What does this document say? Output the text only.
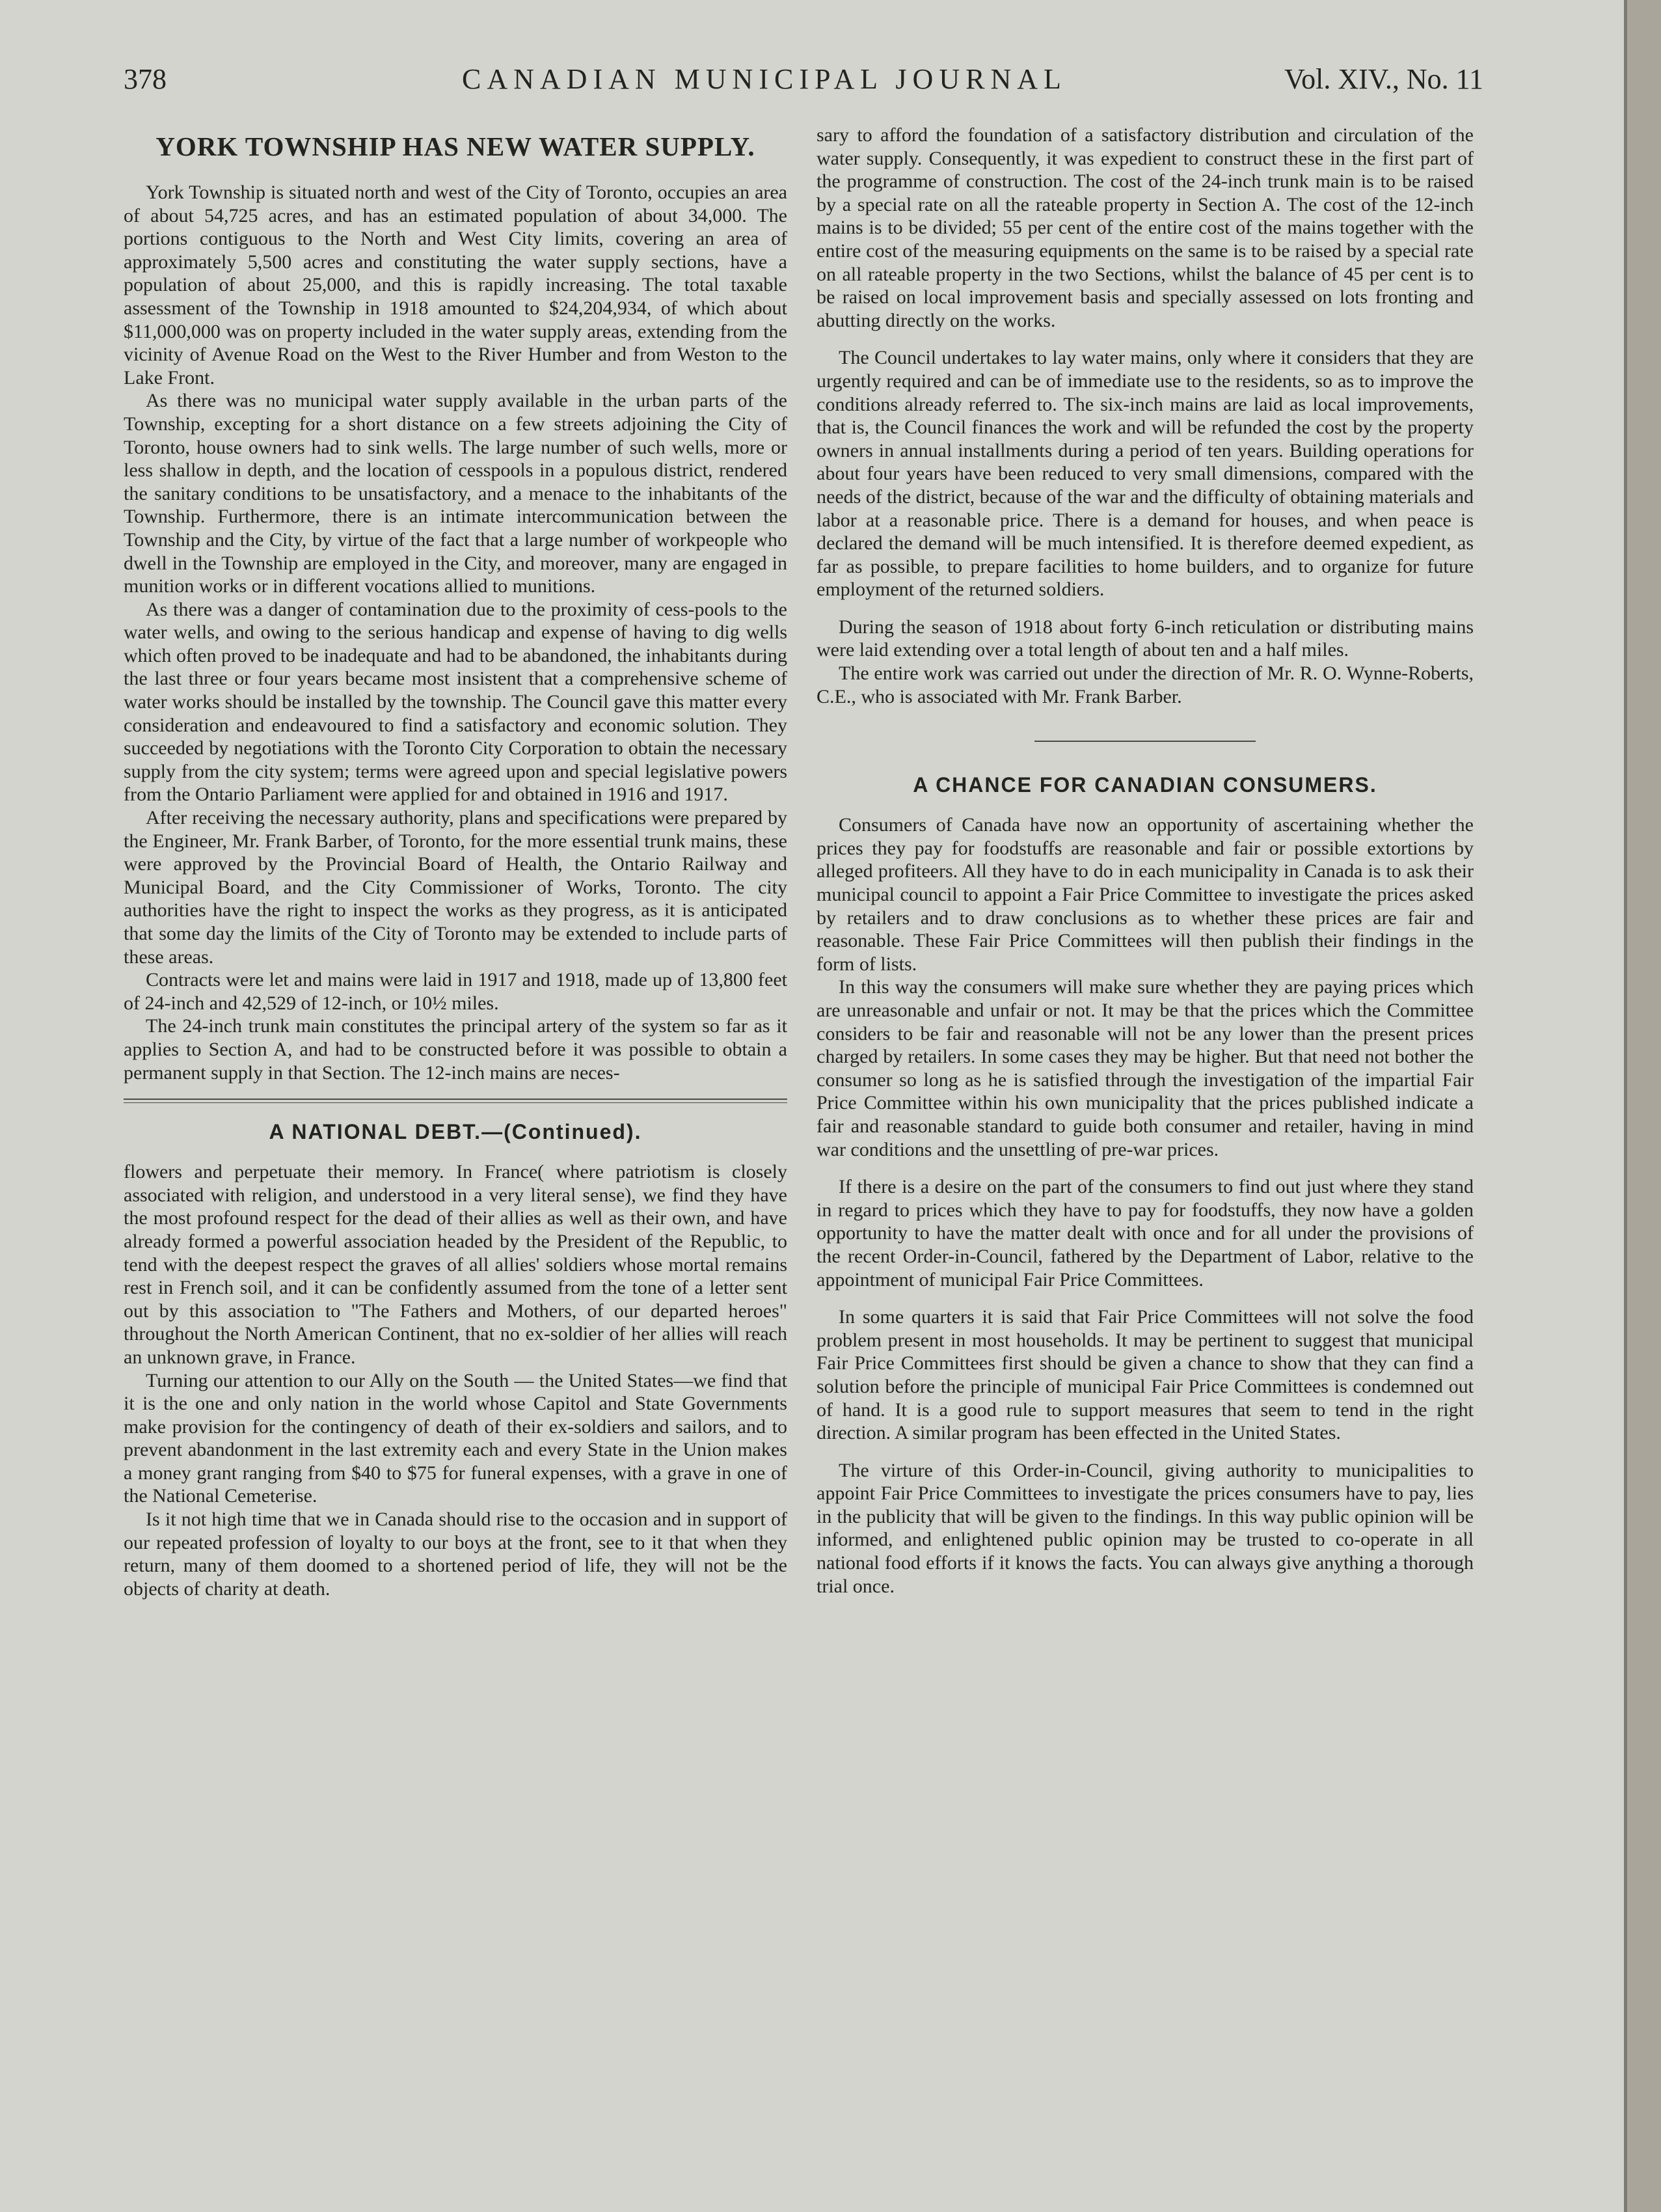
378	CANADIAN MUNICIPAL JOURNAL	Vol. XIV., No. 11
YORK TOWNSHIP HAS NEW WATER SUPPLY.

York Township is situated north and west of the City of Toronto, occupies an area of about 54,725 acres, and has an estimated population of about 34,000. The portions contiguous to the North and West City limits, covering an area of approximately 5,500 acres and constituting the water supply sections, have a population of about 25,000, and this is rapidly increasing. The total taxable assessment of the Township in 1918 amounted to $24,204,934, of which about $11,000,000 was on property included in the water supply areas, extending from the vicinity of Avenue Road on the West to the River Humber and from Weston to the Lake Front.

As there was no municipal water supply available in the urban parts of the Township, excepting for a short distance on a few streets adjoining the City of Toronto, house owners had to sink wells. The large number of such wells, more or less shallow in depth, and the location of cesspools in a populous district, rendered the sanitary conditions to be unsatisfactory, and a menace to the inhabitants of the Township. Furthermore, there is an intimate intercommunication between the Township and the City, by virtue of the fact that a large number of workpeople who dwell in the Township are employed in the City, and moreover, many are engaged in munition works or in different vocations allied to munitions.

As there was a danger of contamination due to the proximity of cess-pools to the water wells, and owing to the serious handicap and expense of having to dig wells which often proved to be inadequate and had to be abandoned, the inhabitants during the last three or four years became most insistent that a comprehensive scheme of water works should be installed by the township. The Council gave this matter every consideration and endeavoured to find a satisfactory and economic solution. They succeeded by negotiations with the Toronto City Corporation to obtain the necessary supply from the city system; terms were agreed upon and special legislative powers from the Ontario Parliament were applied for and obtained in 1916 and 1917.

After receiving the necessary authority, plans and specifications were prepared by the Engineer, Mr. Frank Barber, of Toronto, for the more essential trunk mains, these were approved by the Provincial Board of Health, the Ontario Railway and Municipal Board, and the City Commissioner of Works, Toronto. The city authorities have the right to inspect the works as they progress, as it is anticipated that some day the limits of the City of Toronto may be extended to include parts of these areas.

Contracts were let and mains were laid in 1917 and 1918, made up of 13,800 feet of 24-inch and 42,529 of 12-inch, or 10½ miles.

The 24-inch trunk main constitutes the principal artery of the system so far as it applies to Section A, and had to be constructed before it was possible to obtain a permanent supply in that Section. The 12-inch mains are neces-

A NATIONAL DEBT.—(Continued).

flowers and perpetuate their memory. In France( where patriotism is closely associated with religion, and understood in a very literal sense), we find they have the most profound respect for the dead of their allies as well as their own, and have already formed a powerful association headed by the President of the Republic, to tend with the deepest respect the graves of all allies' soldiers whose mortal remains rest in French soil, and it can be confidently assumed from the tone of a letter sent out by this association to "The Fathers and Mothers, of our departed heroes" throughout the North American Continent, that no ex-soldier of her allies will reach an unknown grave, in France.

Turning our attention to our Ally on the South — the United States—we find that it is the one and only nation in the world whose Capitol and State Governments make provision for the contingency of death of their ex-soldiers and sailors, and to prevent abandonment in the last extremity each and every State in the Union makes a money grant ranging from $40 to $75 for funeral expenses, with a grave in one of the National Cemeterise.

Is it not high time that we in Canada should rise to the occasion and in support of our repeated profession of loyalty to our boys at the front, see to it that when they return, many of them doomed to a shortened period of life, they will not be the objects of charity at death.

sary to afford the foundation of a satisfactory distribution and circulation of the water supply. Consequently, it was expedient to construct these in the first part of the programme of construction. The cost of the 24-inch trunk main is to be raised by a special rate on all the rateable property in Section A. The cost of the 12-inch mains is to be divided; 55 per cent of the entire cost of the mains together with the entire cost of the measuring equipments on the same is to be raised by a special rate on all rateable property in the two Sections, whilst the balance of 45 per cent is to be raised on local improvement basis and specially assessed on lots fronting and abutting directly on the works.

The Council undertakes to lay water mains, only where it considers that they are urgently required and can be of immediate use to the residents, so as to improve the conditions already referred to. The six-inch mains are laid as local improvements, that is, the Council finances the work and will be refunded the cost by the property owners in annual installments during a period of ten years. Building operations for about four years have been reduced to very small dimensions, compared with the needs of the district, because of the war and the difficulty of obtaining materials and labor at a reasonable price. There is a demand for houses, and when peace is declared the demand will be much intensified. It is therefore deemed expedient, as far as possible, to prepare facilities to home builders, and to organize for future employment of the returned soldiers.

During the season of 1918 about forty 6-inch reticulation or distributing mains were laid extending over a total length of about ten and a half miles.

The entire work was carried out under the direction of Mr. R. O. Wynne-Roberts, C.E., who is associated with Mr. Frank Barber.

A CHANCE FOR CANADIAN CONSUMERS.

Consumers of Canada have now an opportunity of ascertaining whether the prices they pay for foodstuffs are reasonable and fair or possible extortions by alleged profiteers. All they have to do in each municipality in Canada is to ask their municipal council to appoint a Fair Price Committee to investigate the prices asked by retailers and to draw conclusions as to whether these prices are fair and reasonable. These Fair Price Committees will then publish their findings in the form of lists.

In this way the consumers will make sure whether they are paying prices which are unreasonable and unfair or not. It may be that the prices which the Committee considers to be fair and reasonable will not be any lower than the present prices charged by retailers. In some cases they may be higher. But that need not bother the consumer so long as he is satisfied through the investigation of the impartial Fair Price Committee within his own municipality that the prices published indicate a fair and reasonable standard to guide both consumer and retailer, having in mind war conditions and the unsettling of pre-war prices.

If there is a desire on the part of the consumers to find out just where they stand in regard to prices which they have to pay for foodstuffs, they now have a golden opportunity to have the matter dealt with once and for all under the provisions of the recent Order-in-Council, fathered by the Department of Labor, relative to the appointment of municipal Fair Price Committees.

In some quarters it is said that Fair Price Committees will not solve the food problem present in most households. It may be pertinent to suggest that municipal Fair Price Committees first should be given a chance to show that they can find a solution before the principle of municipal Fair Price Committees is condemned out of hand. It is a good rule to support measures that seem to tend in the right direction. A similar program has been effected in the United States.

The virture of this Order-in-Council, giving authority to municipalities to appoint Fair Price Committees to investigate the prices consumers have to pay, lies in the publicity that will be given to the findings. In this way public opinion will be informed, and enlightened public opinion may be trusted to co-operate in all national food efforts if it knows the facts. You can always give anything a thorough trial once.
